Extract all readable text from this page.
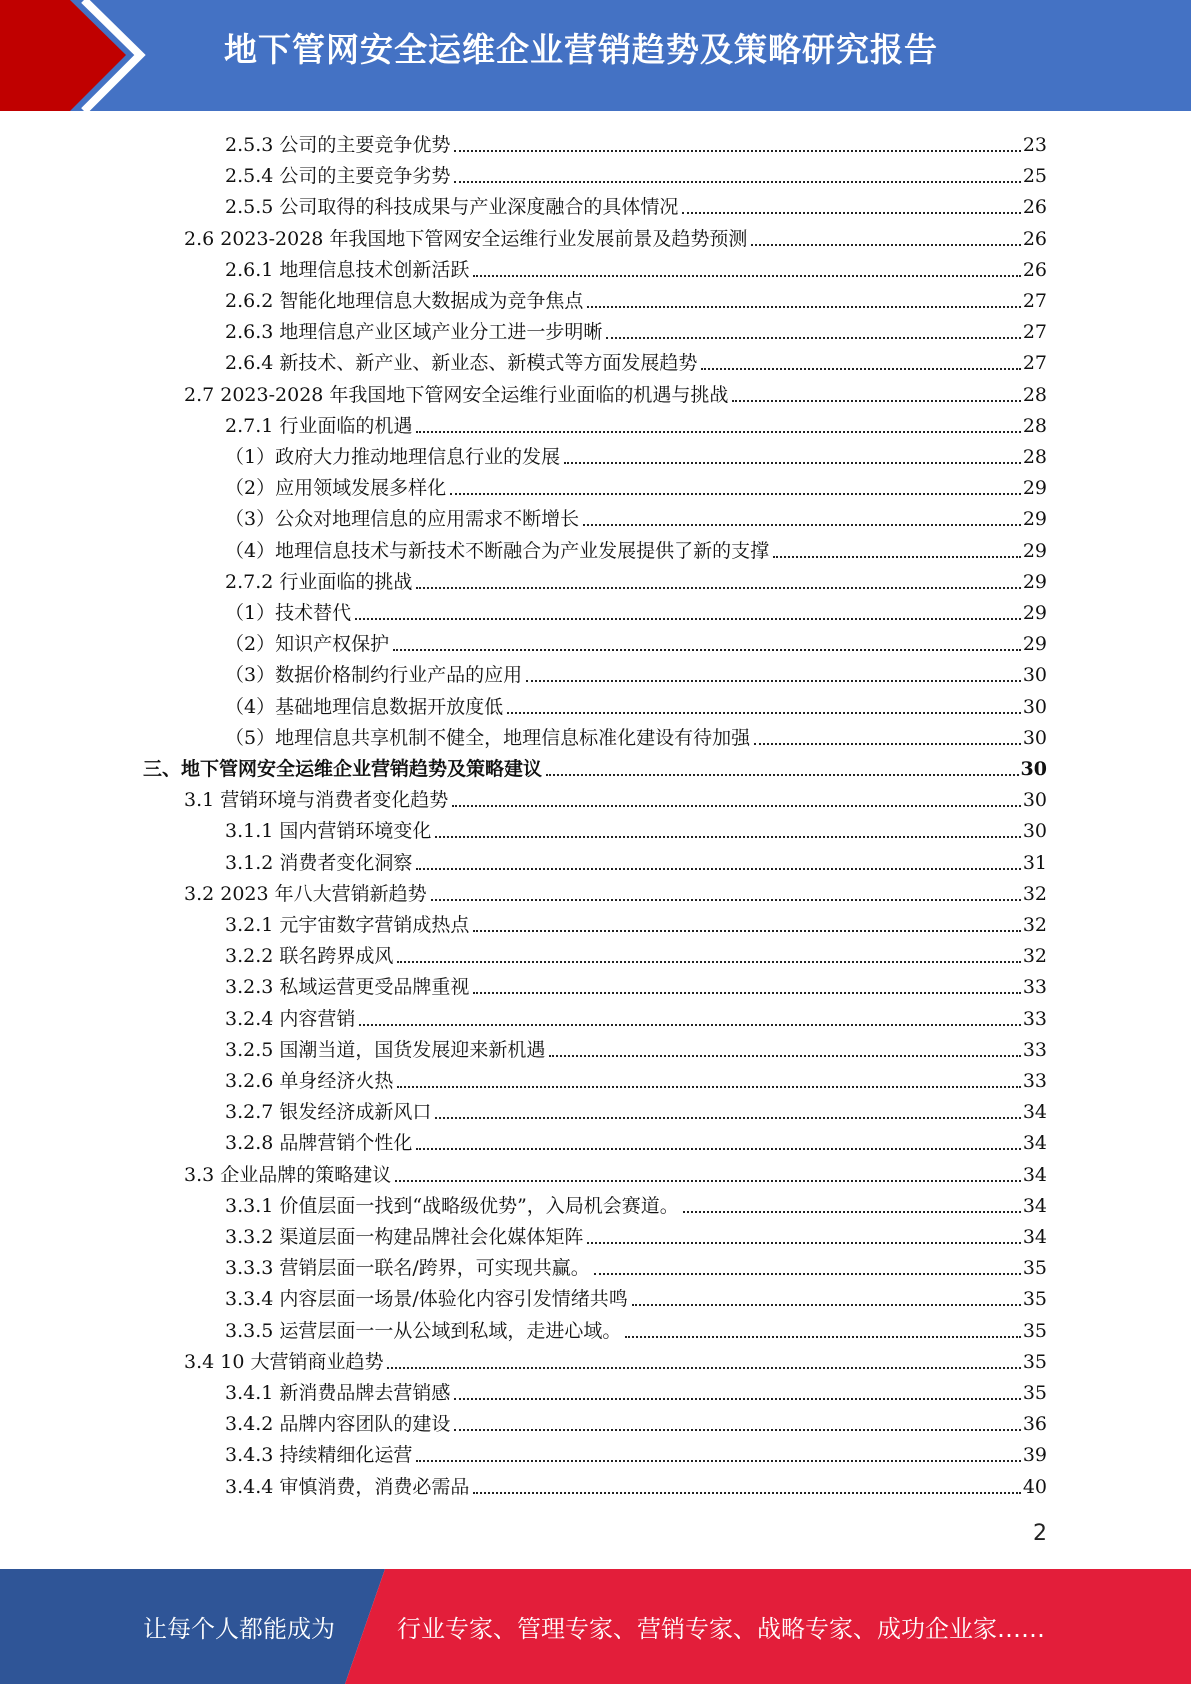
地下管网安全运维企业营销趋势及策略研究报告
2.5.3 公司的主要竞争优势	23
2.5.4 公司的主要竞争劣势	25
2.5.5 公司取得的科技成果与产业深度融合的具体情况	26
2.6 2023-2028 年我国地下管网安全运维行业发展前景及趋势预测	26
2.6.1 地理信息技术创新活跃	26
2.6.2 智能化地理信息大数据成为竞争焦点	27
2.6.3 地理信息产业区域产业分工进一步明晰	27
2.6.4 新技术、新产业、新业态、新模式等方面发展趋势	27
2.7 2023-2028 年我国地下管网安全运维行业面临的机遇与挑战	28
2.7.1 行业面临的机遇	28
（1）政府大力推动地理信息行业的发展	28
（2）应用领域发展多样化	29
（3）公众对地理信息的应用需求不断增长	29
（4）地理信息技术与新技术不断融合为产业发展提供了新的支撑	29
2.7.2 行业面临的挑战	29
（1）技术替代	29
（2）知识产权保护	29
（3）数据价格制约行业产品的应用	30
（4）基础地理信息数据开放度低	30
（5）地理信息共享机制不健全，地理信息标准化建设有待加强	30
三、地下管网安全运维企业营销趋势及策略建议	30
3.1 营销环境与消费者变化趋势	30
3.1.1 国内营销环境变化	30
3.1.2 消费者变化洞察	31
3.2 2023 年八大营销新趋势	32
3.2.1 元宇宙数字营销成热点	32
3.2.2 联名跨界成风	32
3.2.3 私域运营更受品牌重视	33
3.2.4 内容营销	33
3.2.5 国潮当道，国货发展迎来新机遇	33
3.2.6 单身经济火热	33
3.2.7 银发经济成新风口	34
3.2.8 品牌营销个性化	34
3.3 企业品牌的策略建议	34
3.3.1 价值层面一找到“战略级优势”，入局机会赛道。	34
3.3.2 渠道层面一构建品牌社会化媒体矩阵	34
3.3.3 营销层面一联名/跨界，可实现共赢。	35
3.3.4 内容层面一场景/体验化内容引发情绪共鸣	35
3.3.5 运营层面一一从公域到私域，走进心域。	35
3.4 10 大营销商业趋势	35
3.4.1 新消费品牌去营销感	35
3.4.2 品牌内容团队的建设	36
3.4.3 持续精细化运营	39
3.4.4 审慎消费，消费必需品	40
2
让每个人都能成为	行业专家、管理专家、营销专家、战略专家、成功企业家……
